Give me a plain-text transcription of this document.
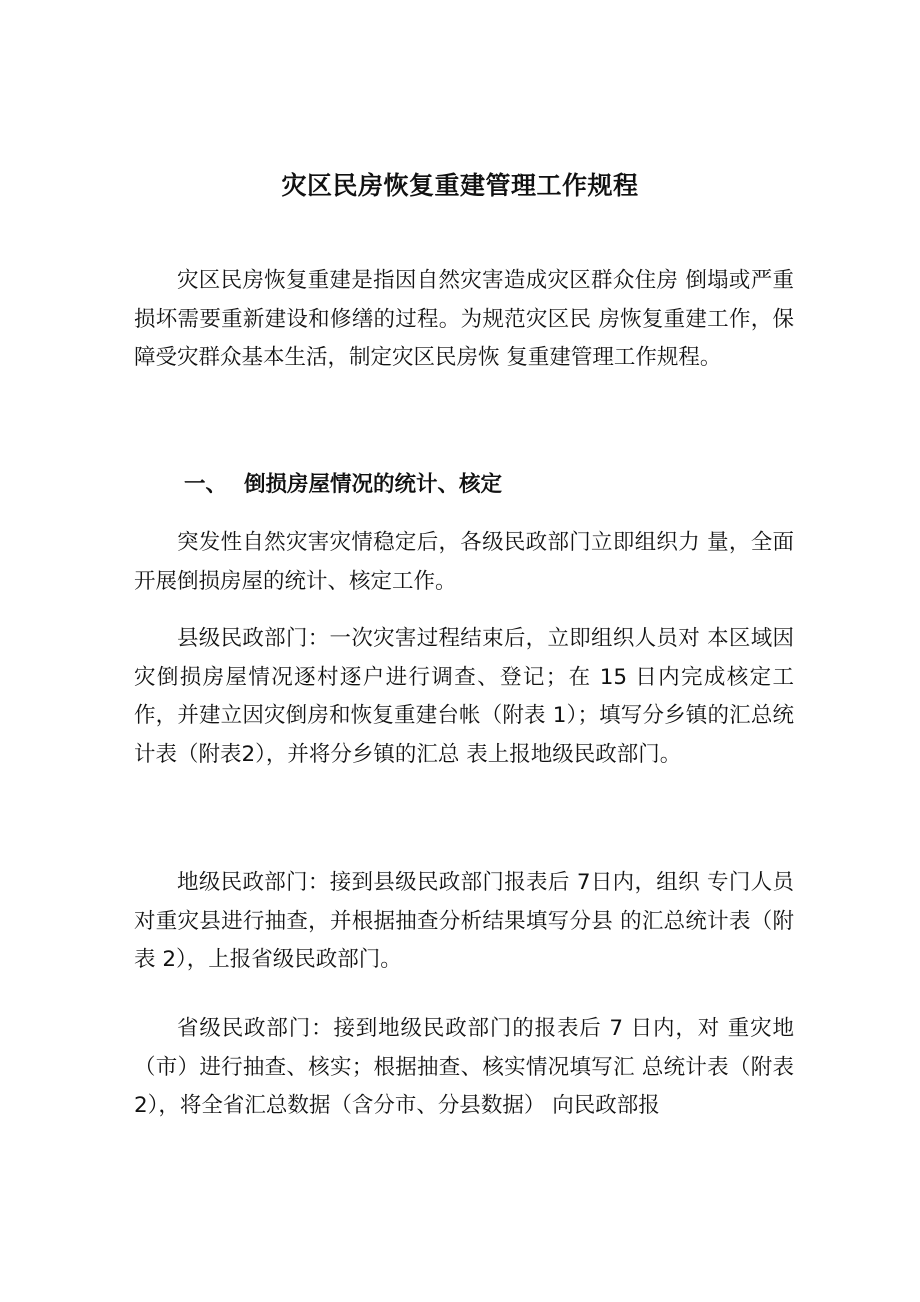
灾区民房恢复重建管理工作规程

灾区民房恢复重建是指因自然灾害造成灾区群众住房 倒塌或严重损坏需要重新建设和修缮的过程。为规范灾区民 房恢复重建工作，保障受灾群众基本生活，制定灾区民房恢 复重建管理工作规程。

一、 倒损房屋情况的统计、核定

突发性自然灾害灾情稳定后，各级民政部门立即组织力 量，全面开展倒损房屋的统计、核定工作。

县级民政部门：一次灾害过程结束后，立即组织人员对 本区域因灾倒损房屋情况逐村逐户进行调查、登记；在 15 日内完成核定工作，并建立因灾倒房和恢复重建台帐（附表 1）；填写分乡镇的汇总统计表（附表2），并将分乡镇的汇总 表上报地级民政部门。

地级民政部门：接到县级民政部门报表后 7日内，组织 专门人员对重灾县进行抽查，并根据抽查分析结果填写分县 的汇总统计表（附表 2），上报省级民政部门。

省级民政部门：接到地级民政部门的报表后 7 日内，对 重灾地（市）进行抽查、核实；根据抽查、核实情况填写汇 总统计表（附表 2），将全省汇总数据（含分市、分县数据） 向民政部报
